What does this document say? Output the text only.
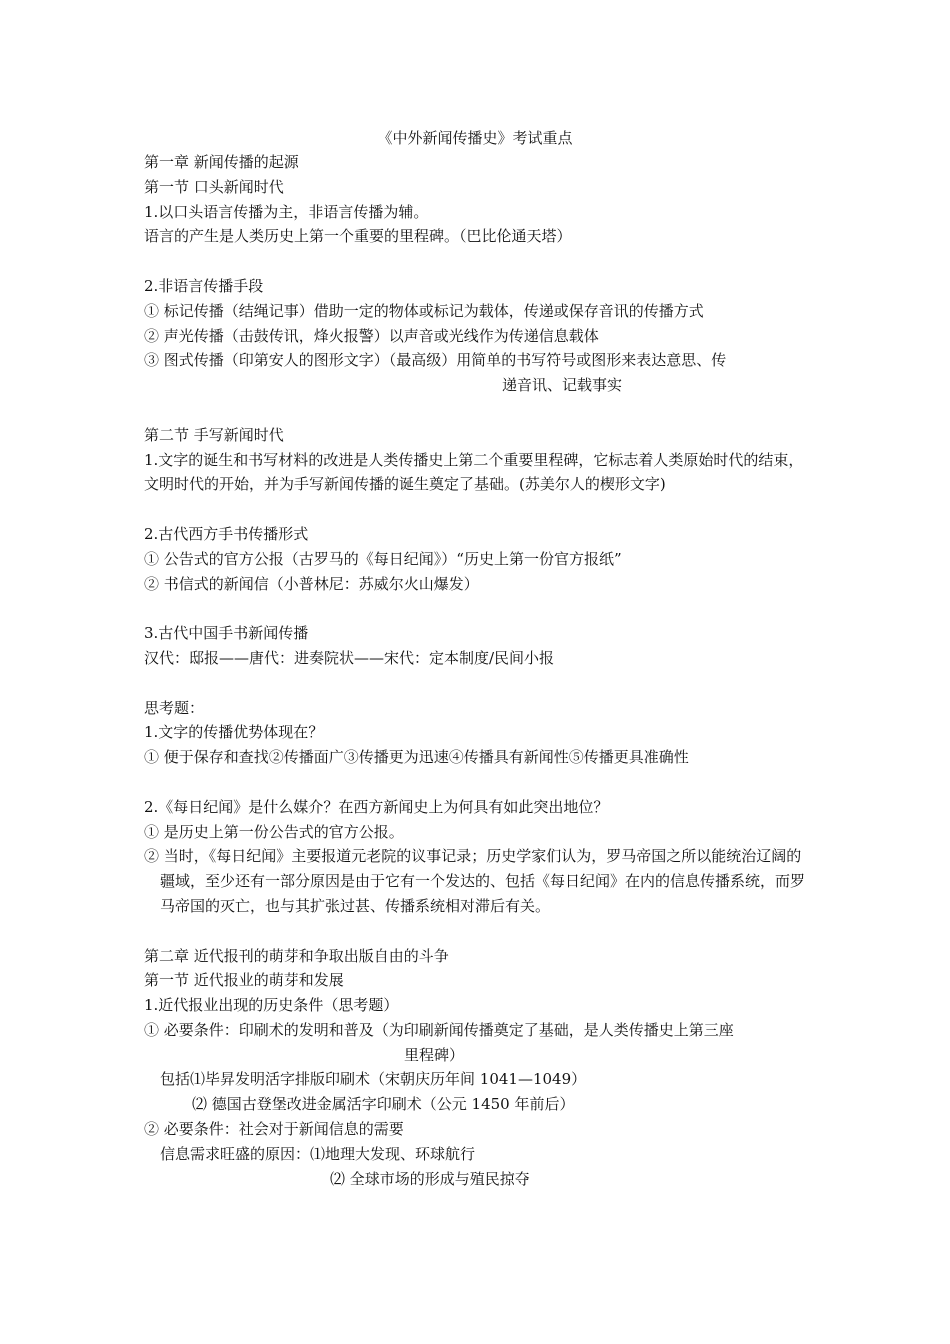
《中外新闻传播史》考试重点

第一章 新闻传播的起源

第一节 口头新闻时代

1.以口头语言传播为主，非语言传播为辅。

语言的产生是人类历史上第一个重要的里程碑。（巴比伦通天塔）

2.非语言传播手段

① 标记传播（结绳记事）借助一定的物体或标记为载体，传递或保存音讯的传播方式

② 声光传播（击鼓传讯，烽火报警）以声音或光线作为传递信息载体

③ 图式传播（印第安人的图形文字）（最高级）用简单的书写符号或图形来表达意思、传

递音讯、记载事实

第二节 手写新闻时代

1.文字的诞生和书写材料的改进是人类传播史上第二个重要里程碑，它标志着人类原始时代的结束，文明时代的开始，并为手写新闻传播的诞生奠定了基础。(苏美尔人的楔形文字)

2.古代西方手书传播形式

① 公告式的官方公报（古罗马的《每日纪闻》）“历史上第一份官方报纸”

② 书信式的新闻信（小普林尼：苏威尔火山爆发）

3.古代中国手书新闻传播

汉代：邸报——唐代：进奏院状——宋代：定本制度/民间小报

思考题：

1.文字的传播优势体现在？

① 便于保存和查找②传播面广③传播更为迅速④传播具有新闻性⑤传播更具准确性

2.《每日纪闻》是什么媒介？在西方新闻史上为何具有如此突出地位？

① 是历史上第一份公告式的官方公报。

② 当时，《每日纪闻》主要报道元老院的议事记录；历史学家们认为，罗马帝国之所以能统治辽阔的疆域，至少还有一部分原因是由于它有一个发达的、包括《每日纪闻》在内的信息传播系统，而罗马帝国的灭亡，也与其扩张过甚、传播系统相对滞后有关。

第二章 近代报刊的萌芽和争取出版自由的斗争

第一节 近代报业的萌芽和发展

1.近代报业出现的历史条件（思考题）

① 必要条件：印刷术的发明和普及（为印刷新闻传播奠定了基础，是人类传播史上第三座

里程碑）

包括⑴毕昇发明活字排版印刷术（宋朝庆历年间 1041—1049）

⑵ 德国古登堡改进金属活字印刷术（公元 1450 年前后）

② 必要条件：社会对于新闻信息的需要

信息需求旺盛的原因：⑴地理大发现、环球航行

⑵ 全球市场的形成与殖民掠夺
